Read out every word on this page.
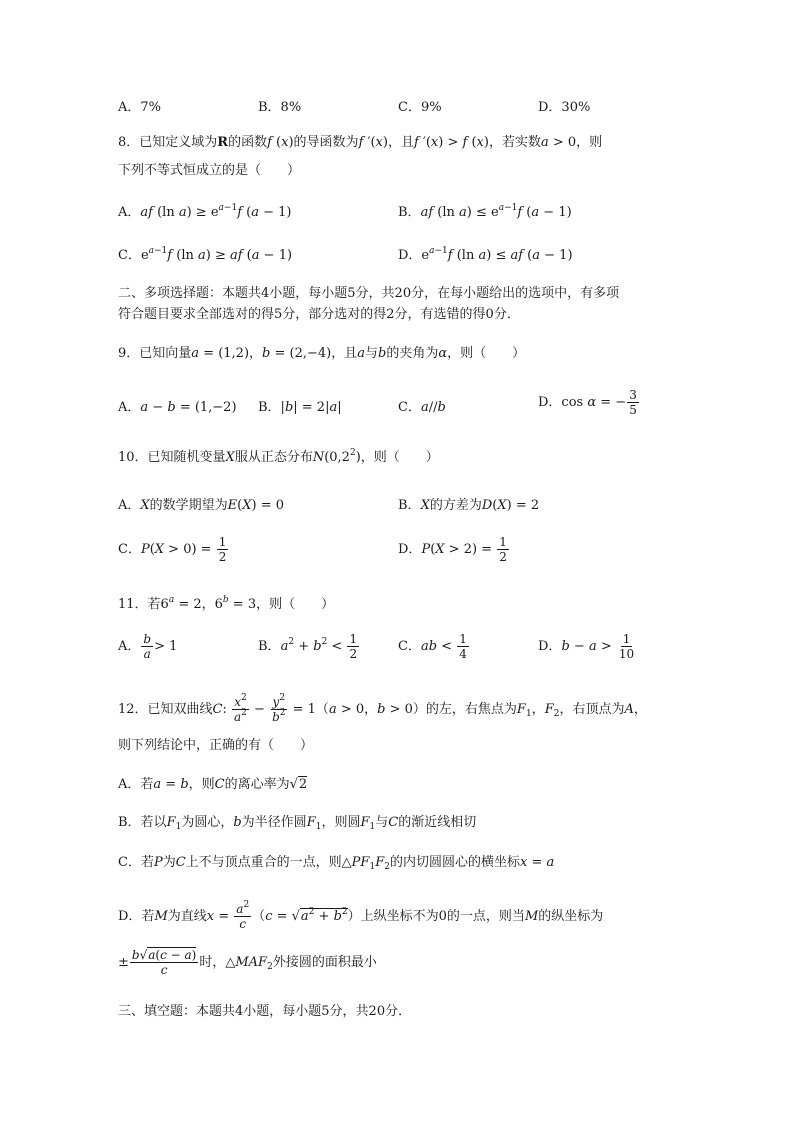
A．7%	B．8%	C．9%	D．30%
8．已知定义域为R的函数f (x)的导函数为f ′(x)，且f ′(x) > f (x)，若实数a > 0，则
下列不等式恒成立的是（　　）
A．af (ln $a) \ge e^{a-1}f$ (a − 1)	B．af (ln $a) \le e^{a-1}f$ (a − 1)
C．$e^{a-1}f$ (ln a) ≥ af (a − 1)	D．$e^{a-1}f$ (ln a) ≤ af (a − 1)
二、多项选择题：本题共4小题，每小题5分，共20分，在每小题给出的选项中，有多项
符合题目要求全部选对的得5分，部分选对的得2分，有选错的得0分．
9．已知向量a = (1,2)，b = (2,−4)，且a与b的夹角为α，则（　　）
A．a − b = (1,−2) B．|b| = 2|a|	C．a//b	D．cos α = − $\frac{3}{5}$
10．已知随机变量X服从正态分布$N(0,2^2)$，则（　　）
A．X的数学期望为E(X) = 0	B．X的方差为D(X) = 2
C．$P(X > 0) = \frac{1}{2}$	D．$P(X > 2) = \frac{1}{2}$
11．若$6^a = 2$，$6^b = 3$，则（　　）
A． $\frac{b}{a} > 1$	B．$a^2 + b^2 < \frac{1}{2}$	C．ab < $\frac{1}{4}$	D．$b - a > \frac{1}{10}$
12．已知双曲线C: $\frac{x^2}{a^2} - \frac{y^2}{b^2} = 1(a > 0$，b > 0）的左，右焦点为$F_1$，$F_2$，右顶点为A，
则下列结论中，正确的有（　　）
A．若a = b，则C的离心率为√2
B．若以$F_1$为圆心，b为半径作圆$F_1$，则圆$F_1$与C的渐近线相切
C．若P为C上不与顶点重合的一点，则$\triangle PF_1F_2$的内切圆圆心的横坐标x = a
D．若M为直线$x = \frac{a^2}{c} (c = √a^2 + b^2)$上纵坐标不为0的一点，则当M的纵坐标为
± $\frac{b√a(c - a)}{c}$ 时，$\triangle MAF_2$外接圆的面积最小
三、填空题：本题共4小题，每小题5分，共20分．
